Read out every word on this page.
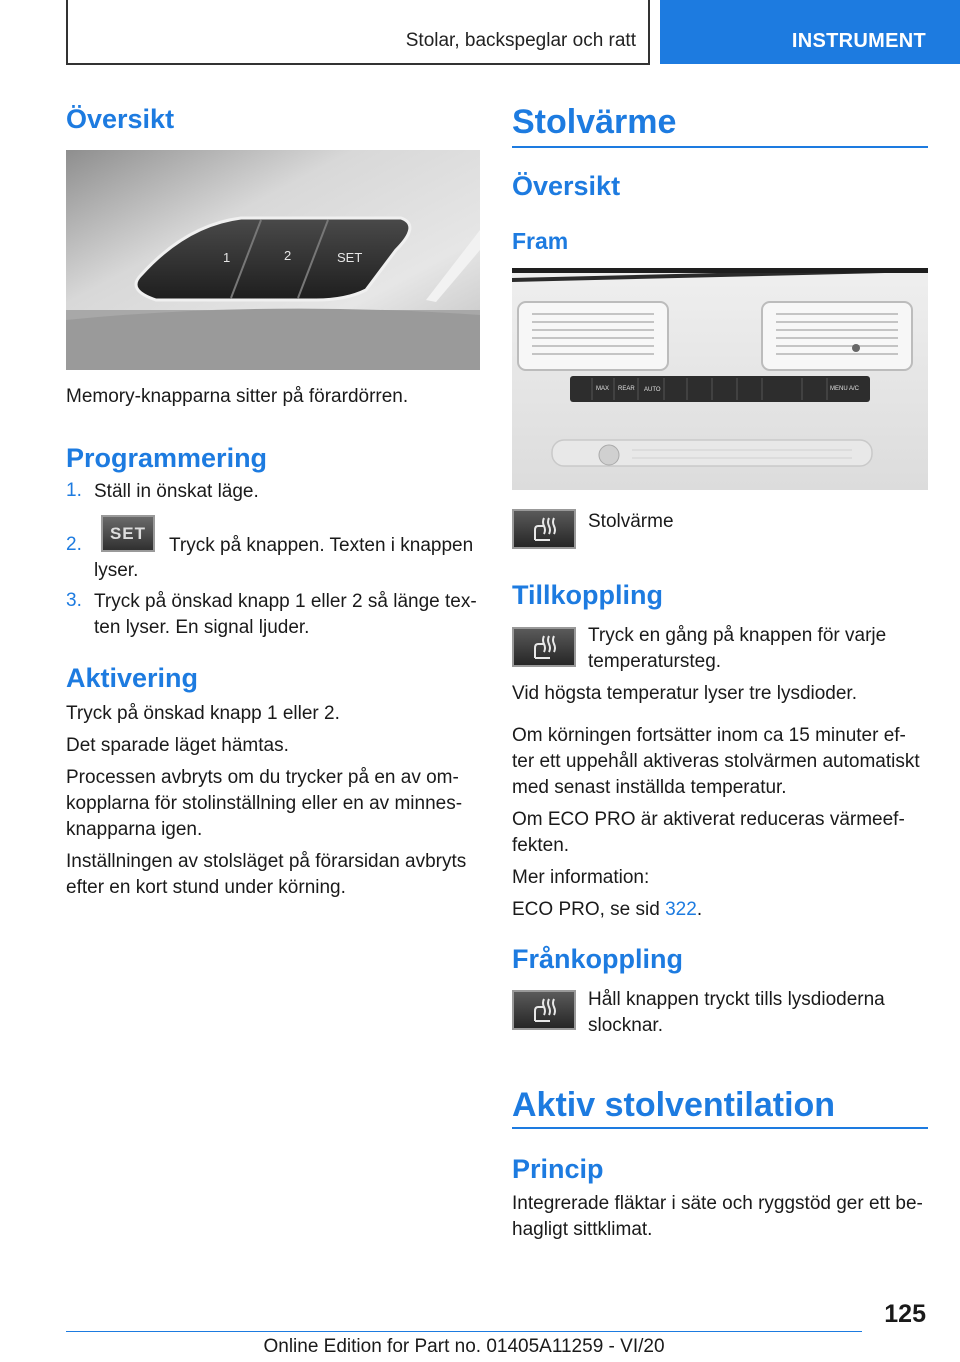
Stolar, backspeglar och ratt	INSTRUMENT
Översikt
1	2	SET
Memory-knapparna sitter på förardörren.
Programmering
1. Ställ in önskat läge.
2.
SET
Tryck på knappen. Texten i knappen
lyser.
3. Tryck på önskad knapp 1 eller 2 så länge tex‐
ten lyser. En signal ljuder.
Aktivering
Tryck på önskad knapp 1 eller 2.
Det sparade läget hämtas.
Processen avbryts om du trycker på en av om‐
kopplarna för stolinställning eller en av minnes‐
knapparna igen.
Inställningen av stolsläget på förarsidan avbryts
efter en kort stund under körning.
Stolvärme
Översikt
Fram
MAX REAR AUTO	MENU A/C
Stolvärme
Tillkoppling
Tryck en gång på knappen för varje
temperatursteg.
Vid högsta temperatur lyser tre lysdioder.
Om körningen fortsätter inom ca 15 minuter ef‐
ter ett uppehåll aktiveras stolvärmen automatiskt
med senast inställda temperatur.
Om ECO PRO är aktiverat reduceras värmeef‐
fekten.
Mer information:
ECO PRO, se sid 322.
Frånkoppling
Håll knappen tryckt tills lysdioderna
slocknar.
Aktiv stolventilation
Princip
Integrerade fläktar i säte och ryggstöd ger ett be‐
hagligt sittklimat.
125
Online Edition for Part no. 01405A11259 - VI/20
